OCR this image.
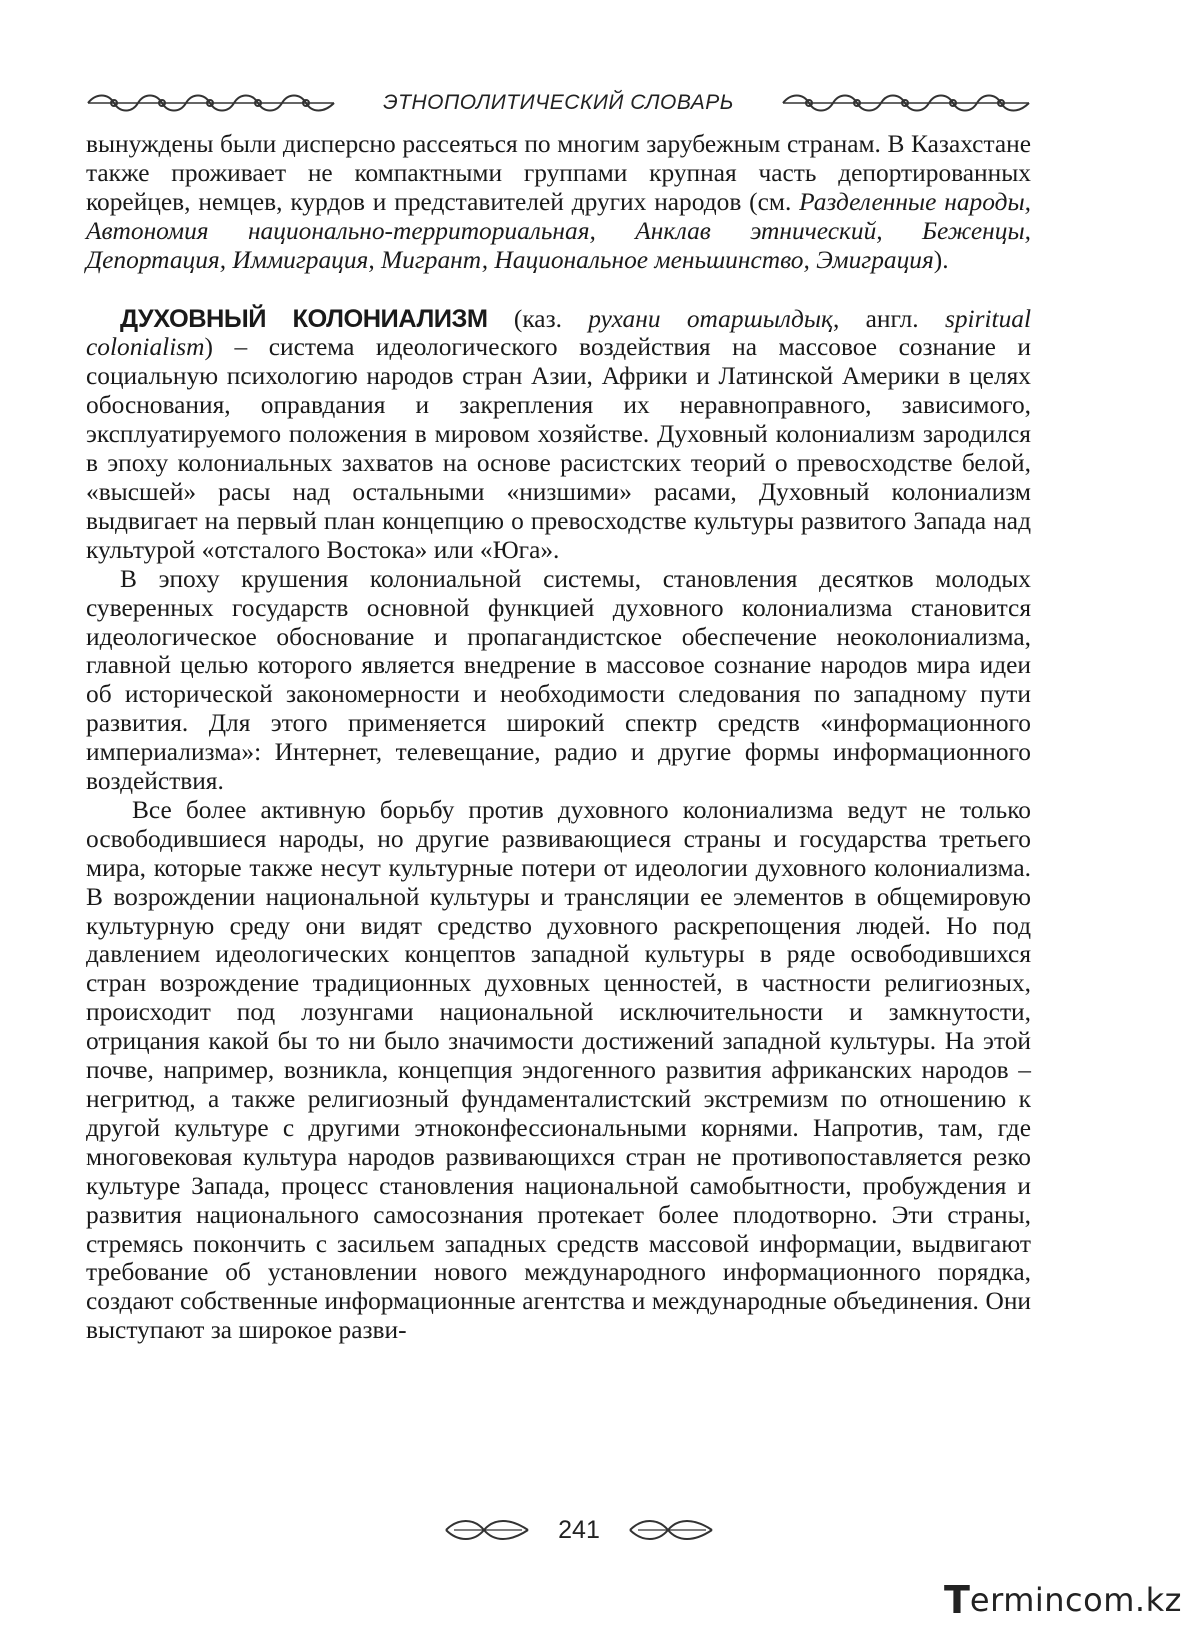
ЭТНОПОЛИТИЧЕСКИЙ СЛОВАРЬ

вынуждены были дисперсно рассеяться по многим зарубежным странам. В Казахстане также проживает не компактными группами крупная часть депортированных корейцев, немцев, курдов и представителей других народов (см. Разделенные народы, Автономия национально-территориальная, Анклав этнический, Беженцы, Депортация, Иммиграция, Мигрант, Национальное меньшинство, Эмиграция).

ДУХОВНЫЙ КОЛОНИАЛИЗМ (каз. рухани отаршылдық, англ. spiritual colonialism) – система идеологического воздействия на массовое сознание и социальную психологию народов стран Азии, Африки и Латинской Америки в целях обоснования, оправдания и закрепления их неравноправного, зависимого, эксплуатируемого положения в мировом хозяйстве. Духовный колониализм зародился в эпоху колониальных захватов на основе расистских теорий о превосходстве белой, «высшей» расы над остальными «низшими» расами, Духовный колониализм выдвигает на первый план концепцию о превосходстве культуры развитого Запада над культурой «отсталого Востока» или «Юга».

В эпоху крушения колониальной системы, становления десятков молодых суверенных государств основной функцией духовного колониализма становится идеологическое обоснование и пропагандистское обеспечение неоколониализма, главной целью которого является внедрение в массовое сознание народов мира идеи об исторической закономерности и необходимости следования по западному пути развития. Для этого применяется широкий спектр средств «информационного империализма»: Интернет, телевещание, радио и другие формы информационного воздействия.

Все более активную борьбу против духовного колониализма ведут не только освободившиеся народы, но другие развивающиеся страны и государства третьего мира, которые также несут культурные потери от идеологии духовного колониализма. В возрождении национальной культуры и трансляции ее элементов в общемировую культурную среду они видят средство духовного раскрепощения людей. Но под давлением идеологических концептов западной культуры в ряде освободившихся стран возрождение традиционных духовных ценностей, в частности религиозных, происходит под лозунгами национальной исключительности и замкнутости, отрицания какой бы то ни было значимости достижений западной культуры. На этой почве, например, возникла, концепция эндогенного развития африканских народов – негритюд, а также религиозный фундаменталистский экстремизм по отношению к другой культуре с другими этноконфессиональными корнями. Напротив, там, где многовековая культура народов развивающихся стран не противопоставляется резко культуре Запада, процесс становления национальной самобытности, пробуждения и развития национального самосознания протекает более плодотворно. Эти страны, стремясь покончить с засильем западных средств массовой информации, выдвигают требование об установлении нового международного информационного порядка, создают собственные информационные агентства и международные объединения. Они выступают за широкое разви-

241
T ermincom.kz
